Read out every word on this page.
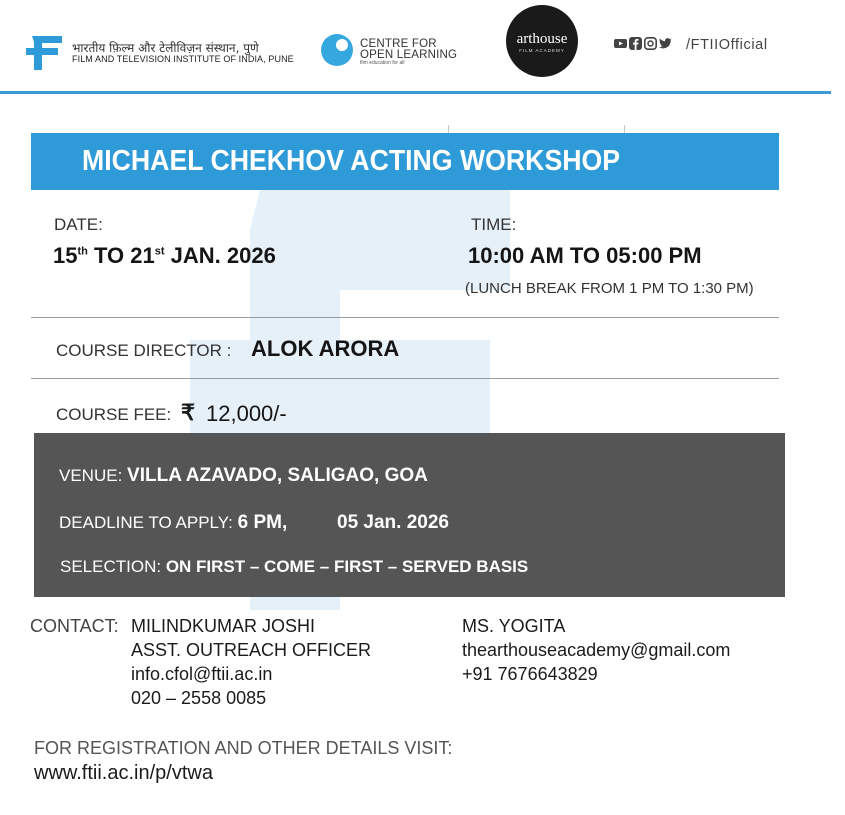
भारतीय फ़िल्म और टेलीविज़न संस्थान, पुणे
FILM AND TELEVISION INSTITUTE OF INDIA, PUNE
CENTRE FOR
OPEN LEARNING
film education for all
arthouse
FILM ACADEMY	/FTIIOfficial
MICHAEL CHEKHOV ACTING WORKSHOP
DATE:
15th TO 21st JAN. 2026
TIME:
10:00 AM TO 05:00 PM
(LUNCH BREAK FROM 1 PM TO 1:30 PM)
COURSE DIRECTOR : ALOK ARORA
COURSE FEE: ₹ 12,000/-
VENUE: VILLA AZAVADO, SALIGAO, GOA
DEADLINE TO APPLY: 6 PM,	05 Jan. 2026
SELECTION: ON FIRST – COME – FIRST – SERVED BASIS
CONTACT: MILINDKUMAR JOSHI
ASST. OUTREACH OFFICER
info.cfol@ftii.ac.in
020 – 2558 0085
MS. YOGITA
thearthouseacademy@gmail.com
+91 7676643829
FOR REGISTRATION AND OTHER DETAILS VISIT:
www.ftii.ac.in/p/vtwa
